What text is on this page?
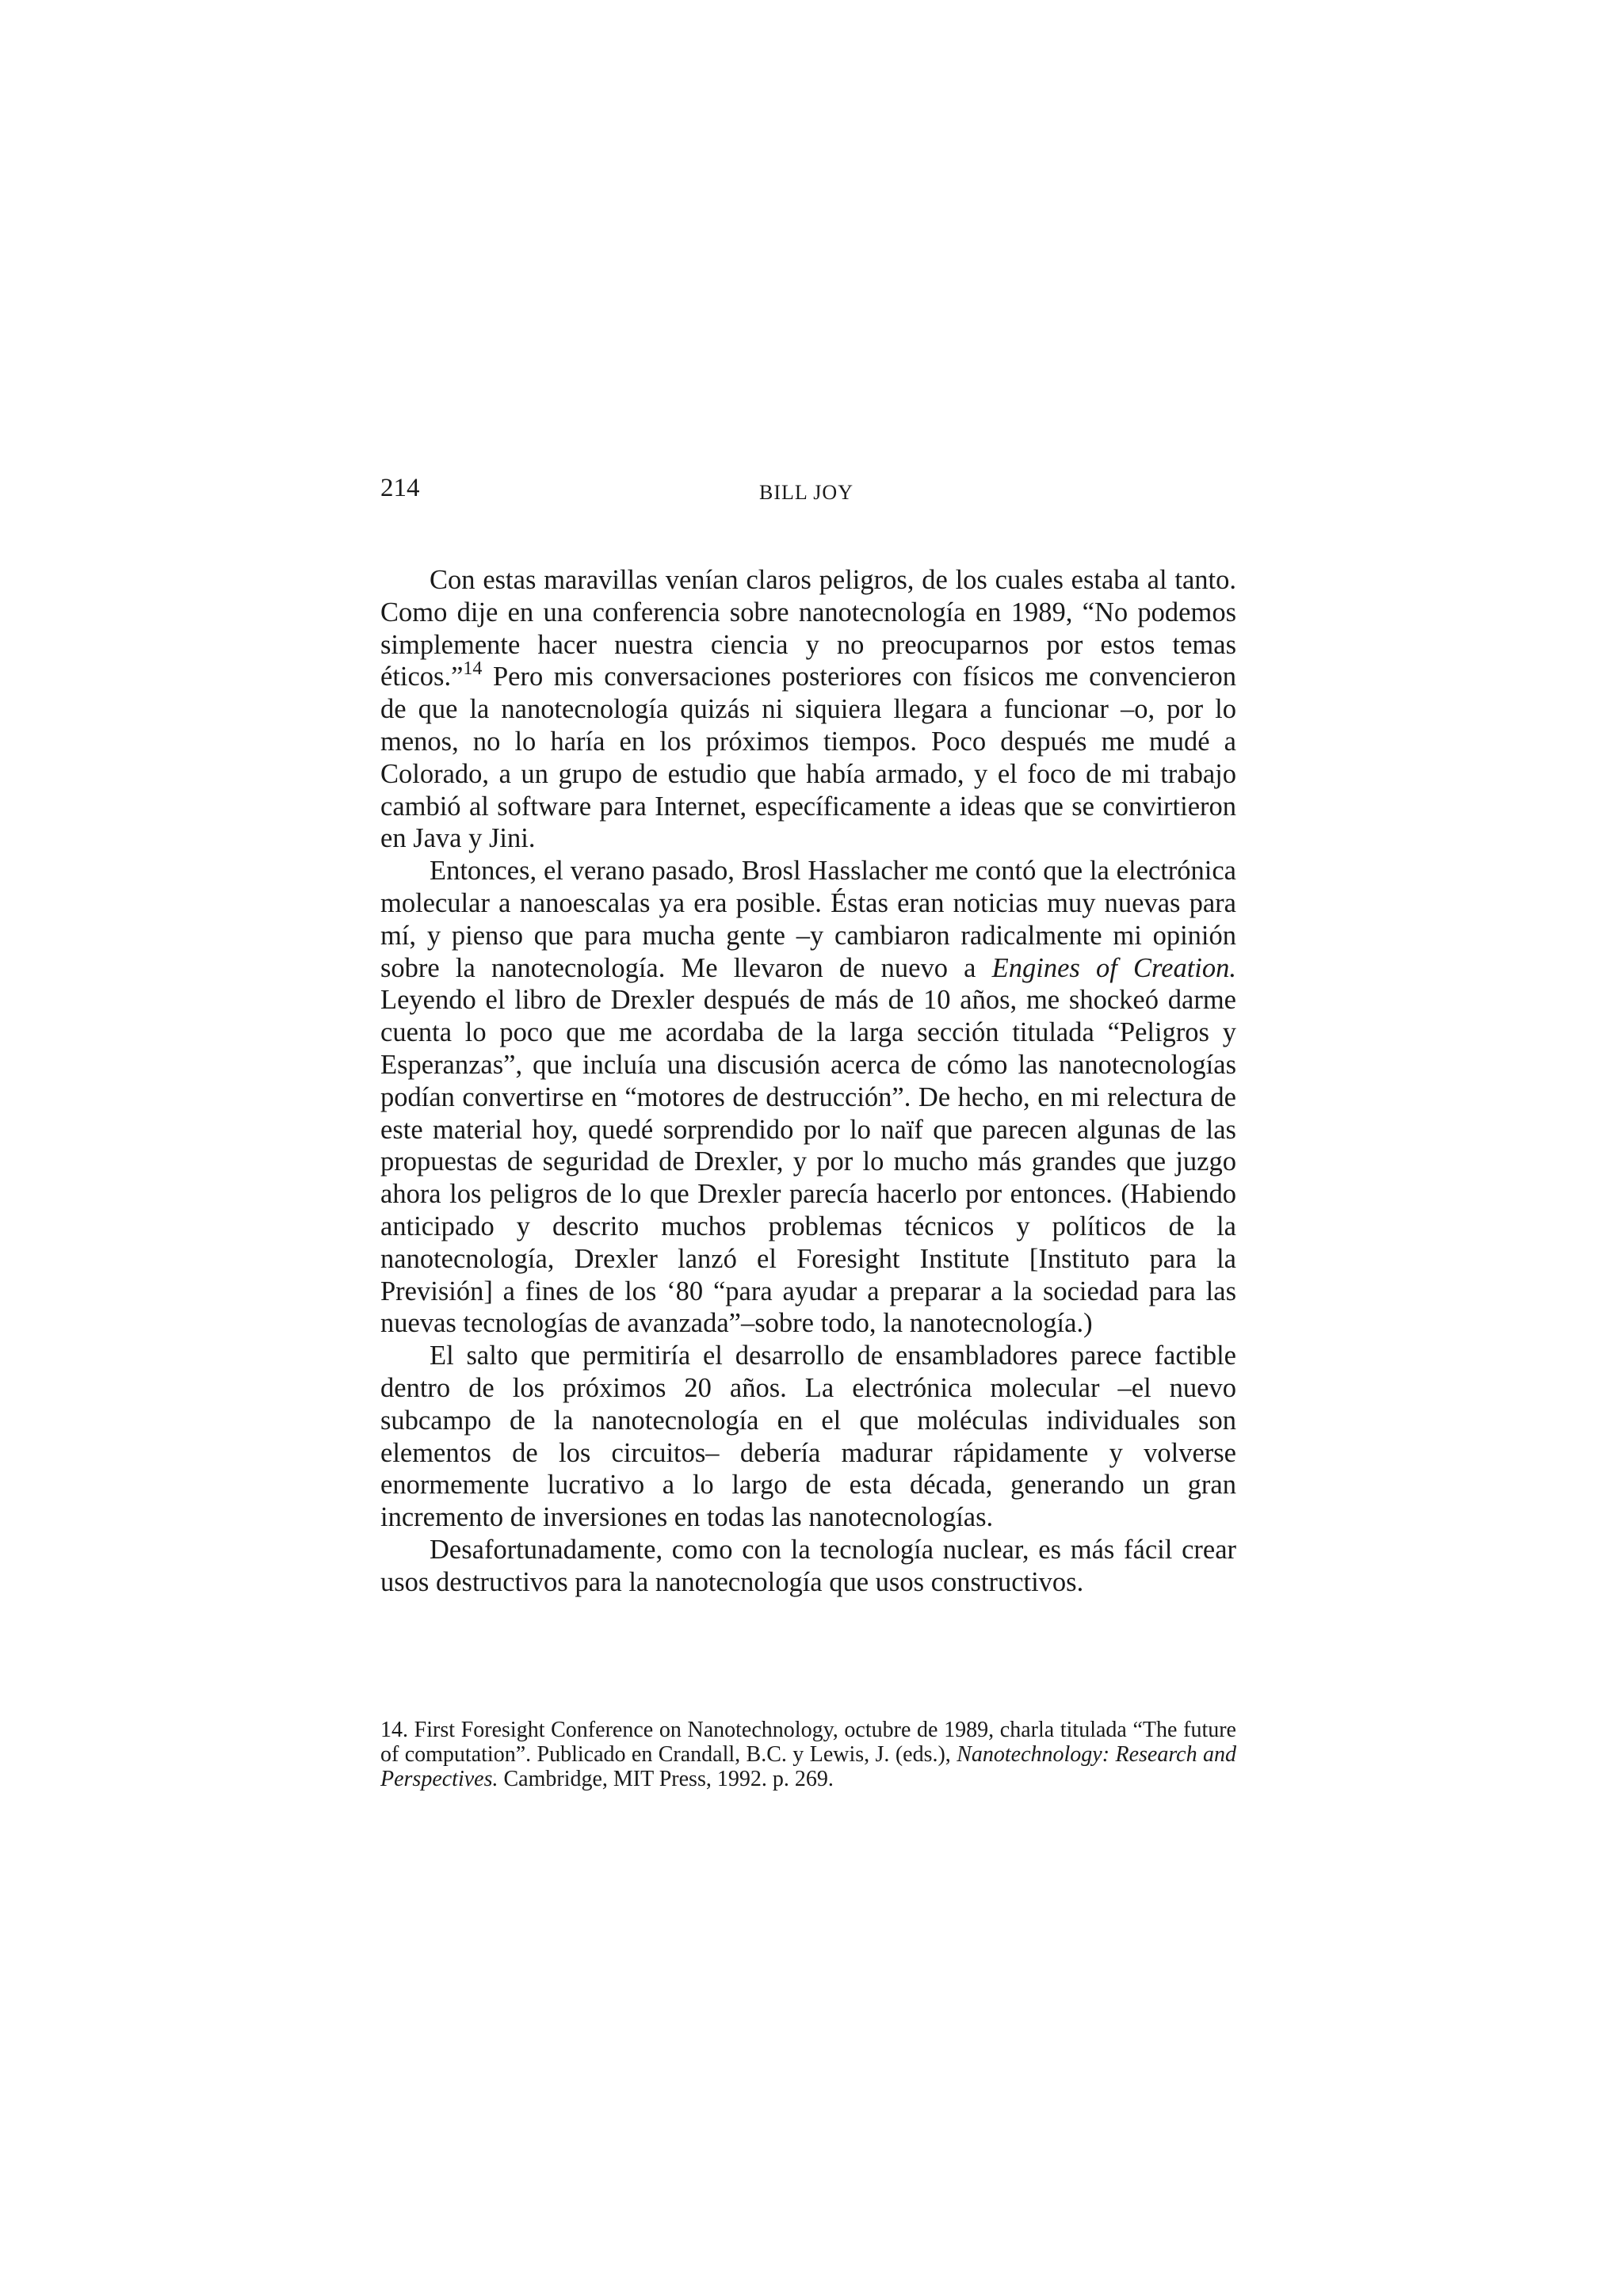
214	BILL JOY

Con estas maravillas venían claros peligros, de los cuales estaba al tanto. Como dije en una conferencia sobre nanotecnología en 1989, “No podemos simplemente hacer nuestra ciencia y no preocuparnos por estos temas éticos.”$^{14}$ Pero mis conversaciones posteriores con físicos me convencieron de que la nanotecnología quizás ni siquiera llegara a funcionar –o, por lo menos, no lo haría en los próximos tiempos. Poco después me mudé a Colorado, a un grupo de estudio que había armado, y el foco de mi trabajo cambió al software para Internet, específicamente a ideas que se convirtieron en Java y Jini.

Entonces, el verano pasado, Brosl Hasslacher me contó que la electrónica molecular a nanoescalas ya era posible. Éstas eran noticias muy nuevas para mí, y pienso que para mucha gente –y cambiaron radicalmente mi opinión sobre la nanotecnología. Me llevaron de nuevo a Engines of Creation. Leyendo el libro de Drexler después de más de 10 años, me shockeó darme cuenta lo poco que me acordaba de la larga sección titulada “Peligros y Esperanzas”, que incluía una discusión acerca de cómo las nanotecnologías podían convertirse en “motores de destrucción”. De hecho, en mi relectura de este material hoy, quedé sorprendido por lo naïf que parecen algunas de las propuestas de seguridad de Drexler, y por lo mucho más grandes que juzgo ahora los peligros de lo que Drexler parecía hacerlo por entonces. (Habiendo anticipado y descrito muchos problemas técnicos y políticos de la nanotecnología, Drexler lanzó el Foresight Institute [Instituto para la Previsión] a fines de los ‘80 “para ayudar a preparar a la sociedad para las nuevas tecnologías de avanzada”–sobre todo, la nanotecnología.)

El salto que permitiría el desarrollo de ensambladores parece factible dentro de los próximos 20 años. La electrónica molecular –el nuevo subcampo de la nanotecnología en el que moléculas individuales son elementos de los circuitos– debería madurar rápidamente y volverse enormemente lucrativo a lo largo de esta década, generando un gran incremento de inversiones en todas las nanotecnologías.

Desafortunadamente, como con la tecnología nuclear, es más fácil crear usos destructivos para la nanotecnología que usos constructivos.

14. First Foresight Conference on Nanotechnology, octubre de 1989, charla titulada “The future of computation”. Publicado en Crandall, B.C. y Lewis, J. (eds.), Nanotechnology: Research and Perspectives. Cambridge, MIT Press, 1992. p. 269.
